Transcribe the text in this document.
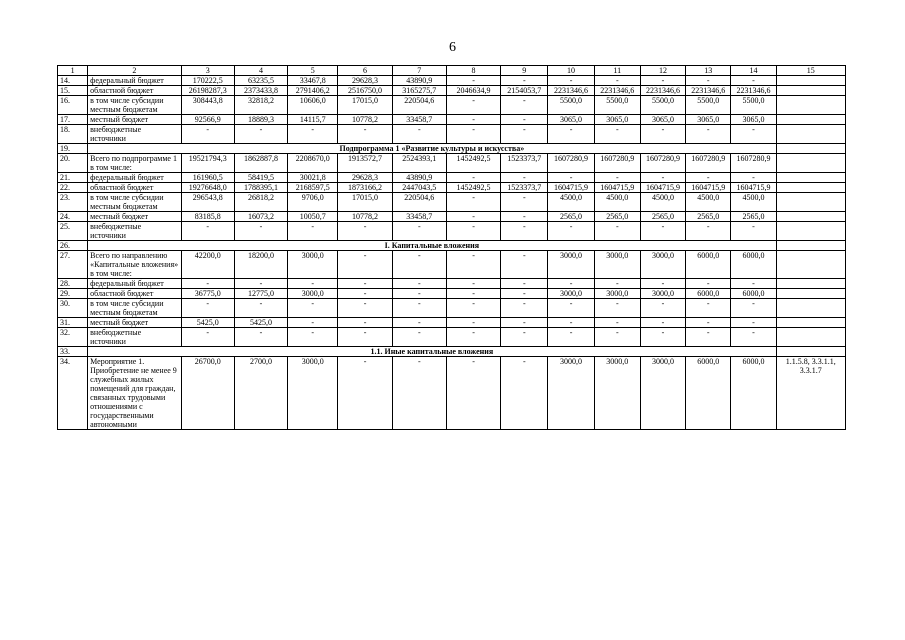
6
1	2	3	4	5	6	7	8	9	10	11	12	13	14	15
14.	федеральный бюджет	170222,5	63235,5	33467,8	29628,3	43890,9	-	-	-	-	-	-	-	
15.	областной бюджет	26198287,3	2373433,8	2791406,2	2516750,0	3165275,7	2046634,9	2154053,7	2231346,6	2231346,6	2231346,6	2231346,6	2231346,6	
16.	в том числе субсидии местным бюджетам	308443,8	32818,2	10606,0	17015,0	220504,6	-	-	5500,0	5500,0	5500,0	5500,0	5500,0	
17.	местный бюджет	92566,9	18889,3	14115,7	10778,2	33458,7	-	-	3065,0	3065,0	3065,0	3065,0	3065,0	
18.	внебюджетные источники	-	-	-	-	-	-	-	-	-	-	-	-	
19.	Подпрограмма 1 «Развитие культуры и искусства»													
20.	Всего по подпрограмме 1 в том числе:	19521794,3	1862887,8	2208670,0	1913572,7	2524393,1	1452492,5	1523373,7	1607280,9	1607280,9	1607280,9	1607280,9	1607280,9	
21.	федеральный бюджет	161960,5	58419,5	30021,8	29628,3	43890,9	-	-	-	-	-	-	-	
22.	областной бюджет	19276648,0	1788395,1	2168597,5	1873166,2	2447043,5	1452492,5	1523373,7	1604715,9	1604715,9	1604715,9	1604715,9	1604715,9	
23.	в том числе субсидии местным бюджетам	296543,8	26818,2	9706,0	17015,0	220504,6	-	-	4500,0	4500,0	4500,0	4500,0	4500,0	
24.	местный бюджет	83185,8	16073,2	10050,7	10778,2	33458,7	-	-	2565,0	2565,0	2565,0	2565,0	2565,0	
25.	внебюджетные источники	-	-	-	-	-	-	-	-	-	-	-	-	
26.	I. Капитальные вложения													
27.	Всего по направлению «Капитальные вложения» в том числе:	42200,0	18200,0	3000,0	-	-	-	-	3000,0	3000,0	3000,0	6000,0	6000,0	
28.	федеральный бюджет	-	-	-	-	-	-	-	-	-	-	-	-	
29.	областной бюджет	36775,0	12775,0	3000,0	-	-	-	-	3000,0	3000,0	3000,0	6000,0	6000,0	
30.	в том числе субсидии местным бюджетам	-	-	-	-	-	-	-	-	-	-	-	-	
31.	местный бюджет	5425,0	5425,0	-	-	-	-	-	-	-	-	-	-	
32.	внебюджетные источники	-	-	-	-	-	-	-	-	-	-	-	-	
33.	1.1. Иные капитальные вложения													
34.	Мероприятие 1. Приобретение не менее 9 служебных жилых помещений для граждан, связанных трудовыми отношениями с государственными автономными	26700,0	2700,0	3000,0	-	-	-	-	3000,0	3000,0	3000,0	6000,0	6000,0	1.1.5.8, 3.3.1.1, 3.3.1.7
